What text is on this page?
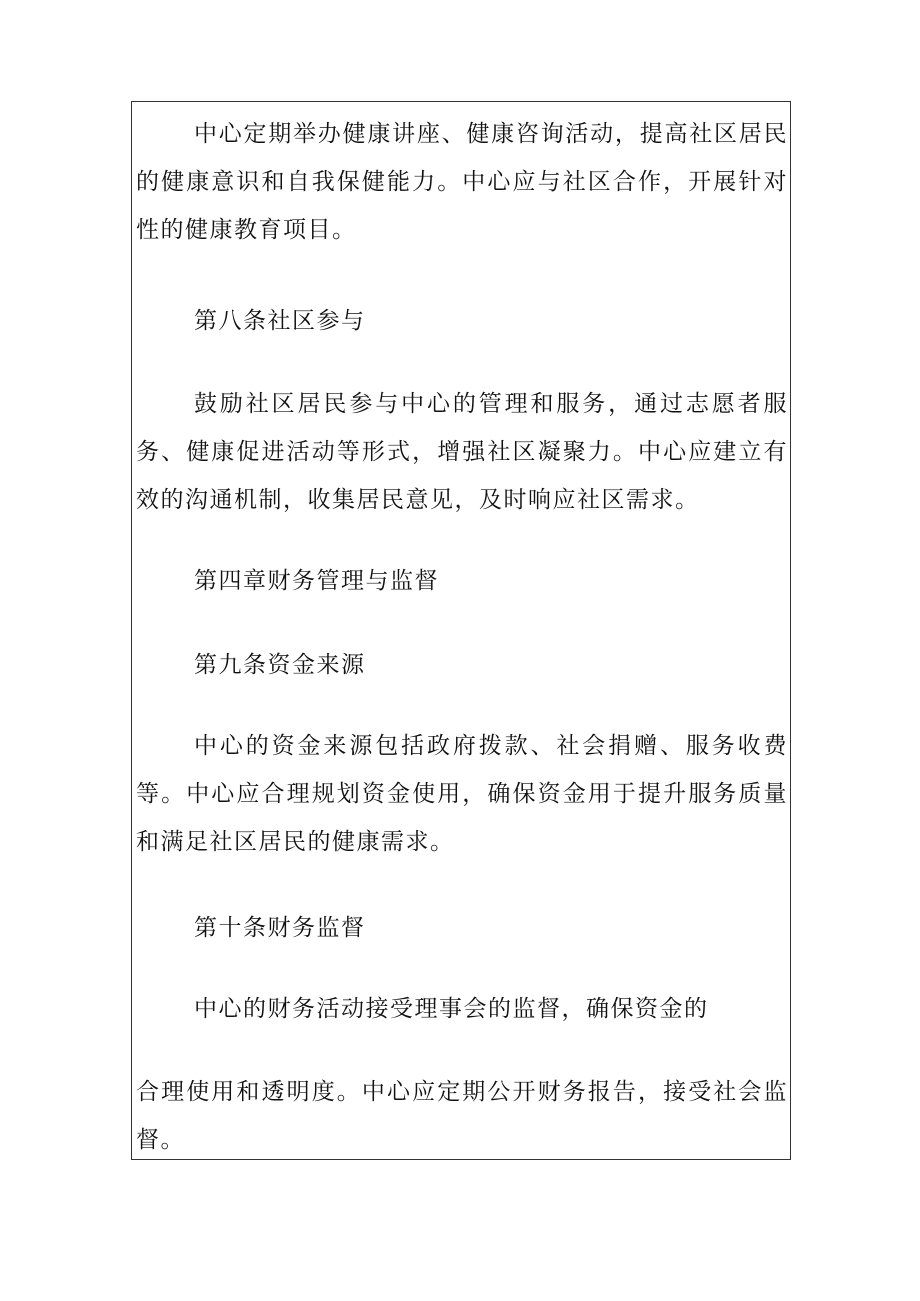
中心定期举办健康讲座、健康咨询活动，提高社区居民的健康意识和自我保健能力。中心应与社区合作，开展针对性的健康教育项目。

第八条社区参与

鼓励社区居民参与中心的管理和服务，通过志愿者服务、健康促进活动等形式，增强社区凝聚力。中心应建立有效的沟通机制，收集居民意见，及时响应社区需求。

第四章财务管理与监督

第九条资金来源

中心的资金来源包括政府拨款、社会捐赠、服务收费等。中心应合理规划资金使用，确保资金用于提升服务质量和满足社区居民的健康需求。

第十条财务监督

中心的财务活动接受理事会的监督，确保资金的

合理使用和透明度。中心应定期公开财务报告，接受社会监督。
